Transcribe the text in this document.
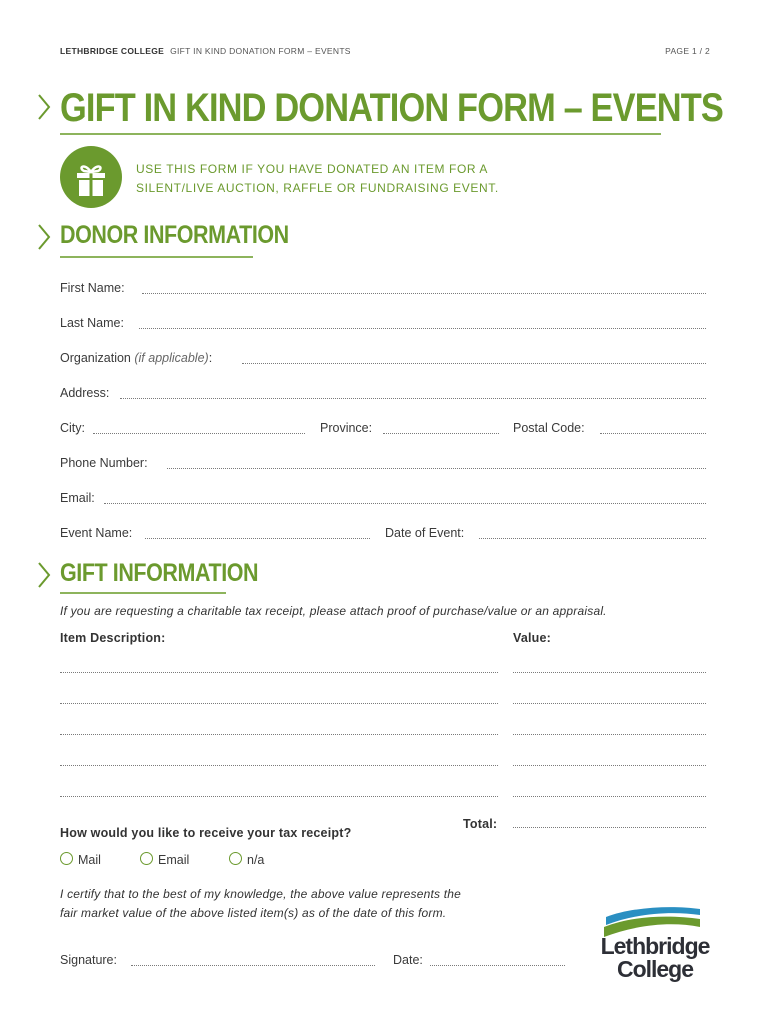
LETHBRIDGE COLLEGE GIFT IN KIND DONATION FORM – EVENTS	PAGE 1 / 2
GIFT IN KIND DONATION FORM – EVENTS
USE THIS FORM IF YOU HAVE DONATED AN ITEM FOR A
SILENT/LIVE AUCTION, RAFFLE OR FUNDRAISING EVENT.
DONOR INFORMATION
First Name:
Last Name:
Organization (if applicable):
Address:
City:	Province:	Postal Code:
Phone Number:
Email:
Event Name:	Date of Event:
GIFT INFORMATION
If you are requesting a charitable tax receipt, please attach proof of purchase/value or an appraisal.
Item Description:	Value:
Total:
How would you like to receive your tax receipt?
Mail	Email	n/a
I certify that to the best of my knowledge, the above value represents the
fair market value of the above listed item(s) as of the date of this form.
Signature:	Date:
Lethbridge
College
